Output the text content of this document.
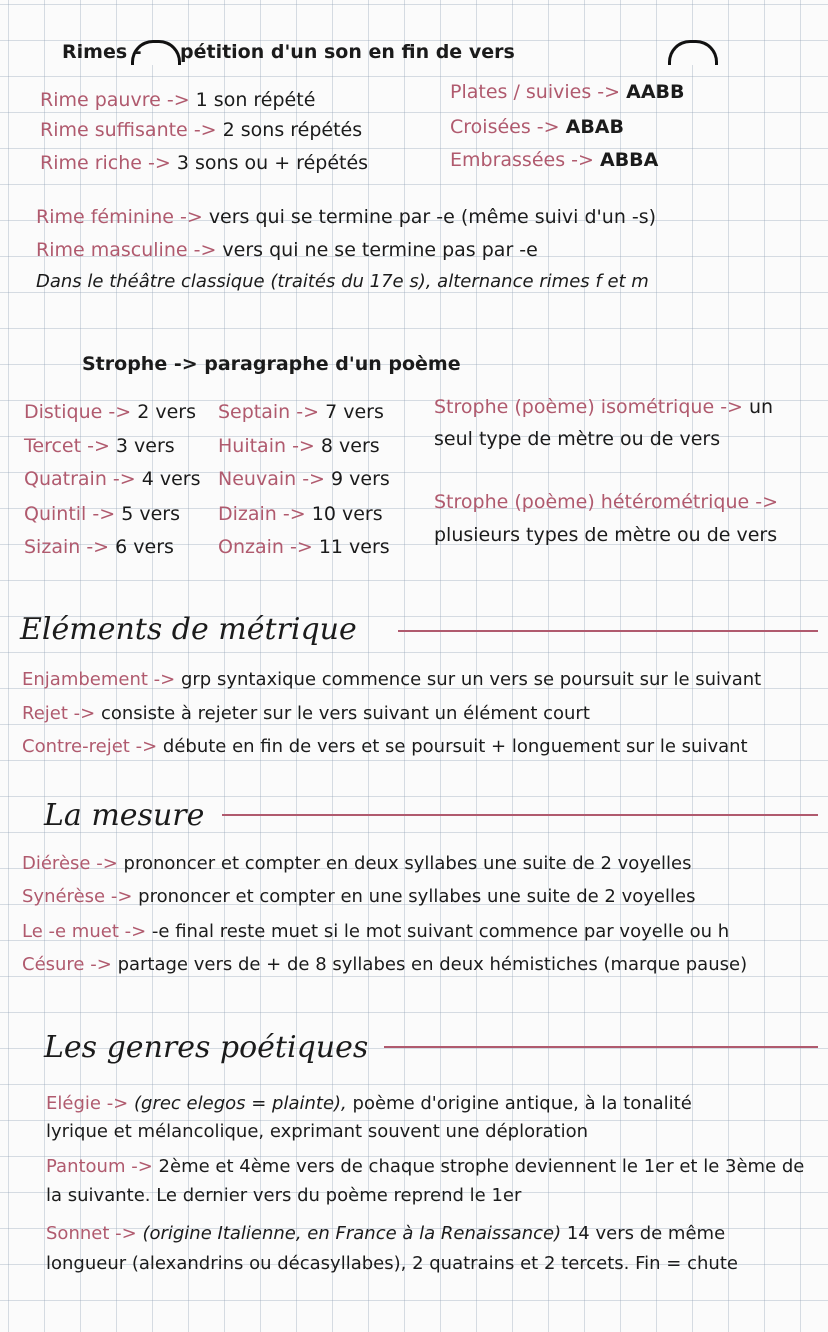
Rimes - pétition d'un son en fin de vers
Rime pauvre -> 1 son répété
Rime suffisante -> 2 sons répétés
Rime riche -> 3 sons ou + répétés
Plates / suivies -> AABB
Croisées -> ABAB
Embrassées -> ABBA
Rime féminine -> vers qui se termine par -e (même suivi d'un -s)
Rime masculine -> vers qui ne se termine pas par -e
Dans le théâtre classique (traités du 17e s), alternance rimes f et m
Strophe -> paragraphe d'un poème
Distique -> 2 vers
Tercet -> 3 vers
Quatrain -> 4 vers
Quintil -> 5 vers
Sizain -> 6 vers
Septain -> 7 vers
Huitain -> 8 vers
Neuvain -> 9 vers
Dizain -> 10 vers
Onzain -> 11 vers
Strophe (poème) isométrique -> un
seul type de mètre ou de vers
Strophe (poème) hétérométrique ->
plusieurs types de mètre ou de vers
Eléments de métrique
Enjambement -> grp syntaxique commence sur un vers se poursuit sur le suivant
Rejet -> consiste à rejeter sur le vers suivant un élément court
Contre-rejet -> débute en fin de vers et se poursuit + longuement sur le suivant
La mesure
Diérèse -> prononcer et compter en deux syllabes une suite de 2 voyelles
Synérèse -> prononcer et compter en une syllabes une suite de 2 voyelles
Le -e muet -> -e final reste muet si le mot suivant commence par voyelle ou h
Césure -> partage vers de + de 8 syllabes en deux hémistiches (marque pause)
Les genres poétiques
Elégie -> (grec elegos = plainte), poème d'origine antique, à la tonalité
lyrique et mélancolique, exprimant souvent une déploration
Pantoum -> 2ème et 4ème vers de chaque strophe deviennent le 1er et le 3ème de
la suivante. Le dernier vers du poème reprend le 1er
Sonnet -> (origine Italienne, en France à la Renaissance) 14 vers de même
longueur (alexandrins ou décasyllabes), 2 quatrains et 2 tercets. Fin = chute
